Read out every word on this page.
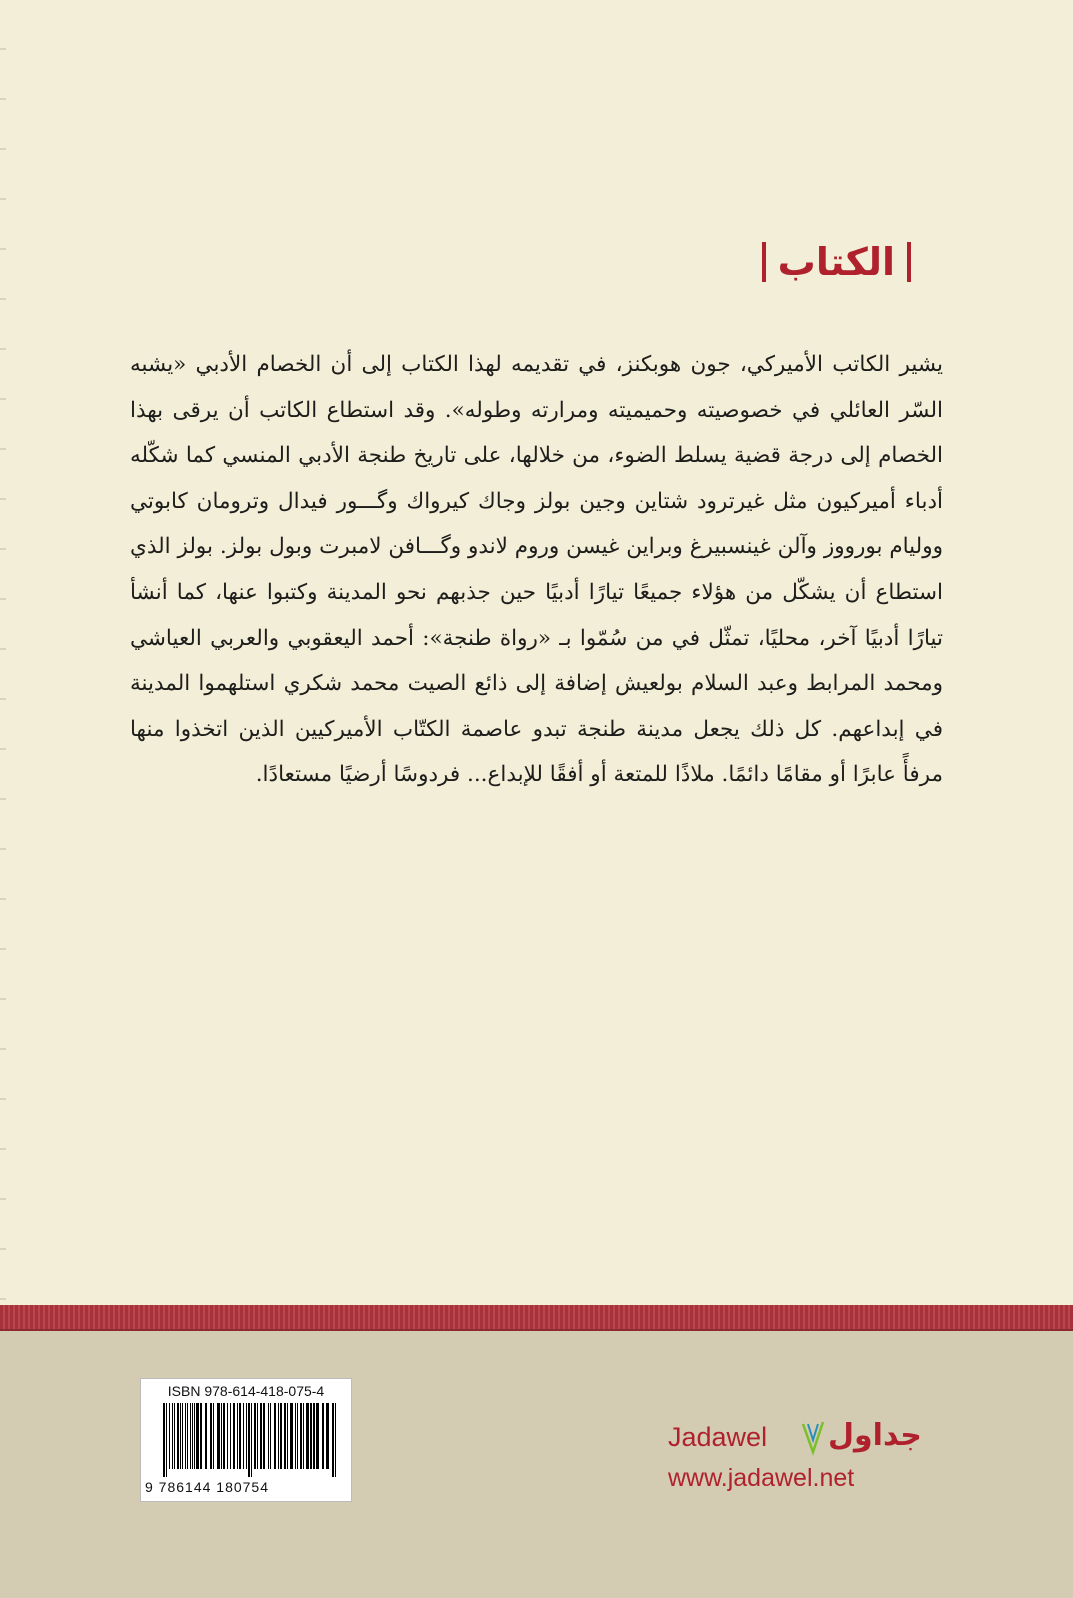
الكتاب

يشير الكاتب الأميركي، جون هوبكنز، في تقديمه لهذا الكتاب إلى أن الخصام الأدبي «يشبه السّر العائلي في خصوصيته وحميميته ومرارته وطوله». وقد استطاع الكاتب أن يرقى بهذا الخصام إلى درجة قضية يسلط الضوء، من خلالها، على تاريخ طنجة الأدبي المنسي كما شكّله أدباء أميركيون مثل غيرترود شتاين وجين بولز وجاك كيرواك وگـــور فيدال وترومان كابوتي ووليام بورووز وآلن غينسبيرغ وبراين غيسن وروم لاندو وگـــافن لامبرت وبول بولز. بولز الذي استطاع أن يشكّل من هؤلاء جميعًا تيارًا أدبيًا حين جذبهم نحو المدينة وكتبوا عنها، كما أنشأ تيارًا أدبيًا آخر، محليًا، تمثّل في من سُمّوا بـ «رواة طنجة»: أحمد اليعقوبي والعربي العياشي ومحمد المرابط وعبد السلام بولعيش إضافة إلى ذائع الصيت محمد شكري استلهموا المدينة في إبداعهم. كل ذلك يجعل مدينة طنجة تبدو عاصمة الكتّاب الأميركيين الذين اتخذوا منها مرفأً عابرًا أو مقامًا دائمًا. ملاذًا للمتعة أو أفقًا للإبداع... فردوسًا أرضيًا مستعادًا.

ISBN 978-614-418-075-4
9 786144 180754
Jadawel جداول
www.jadawel.net
